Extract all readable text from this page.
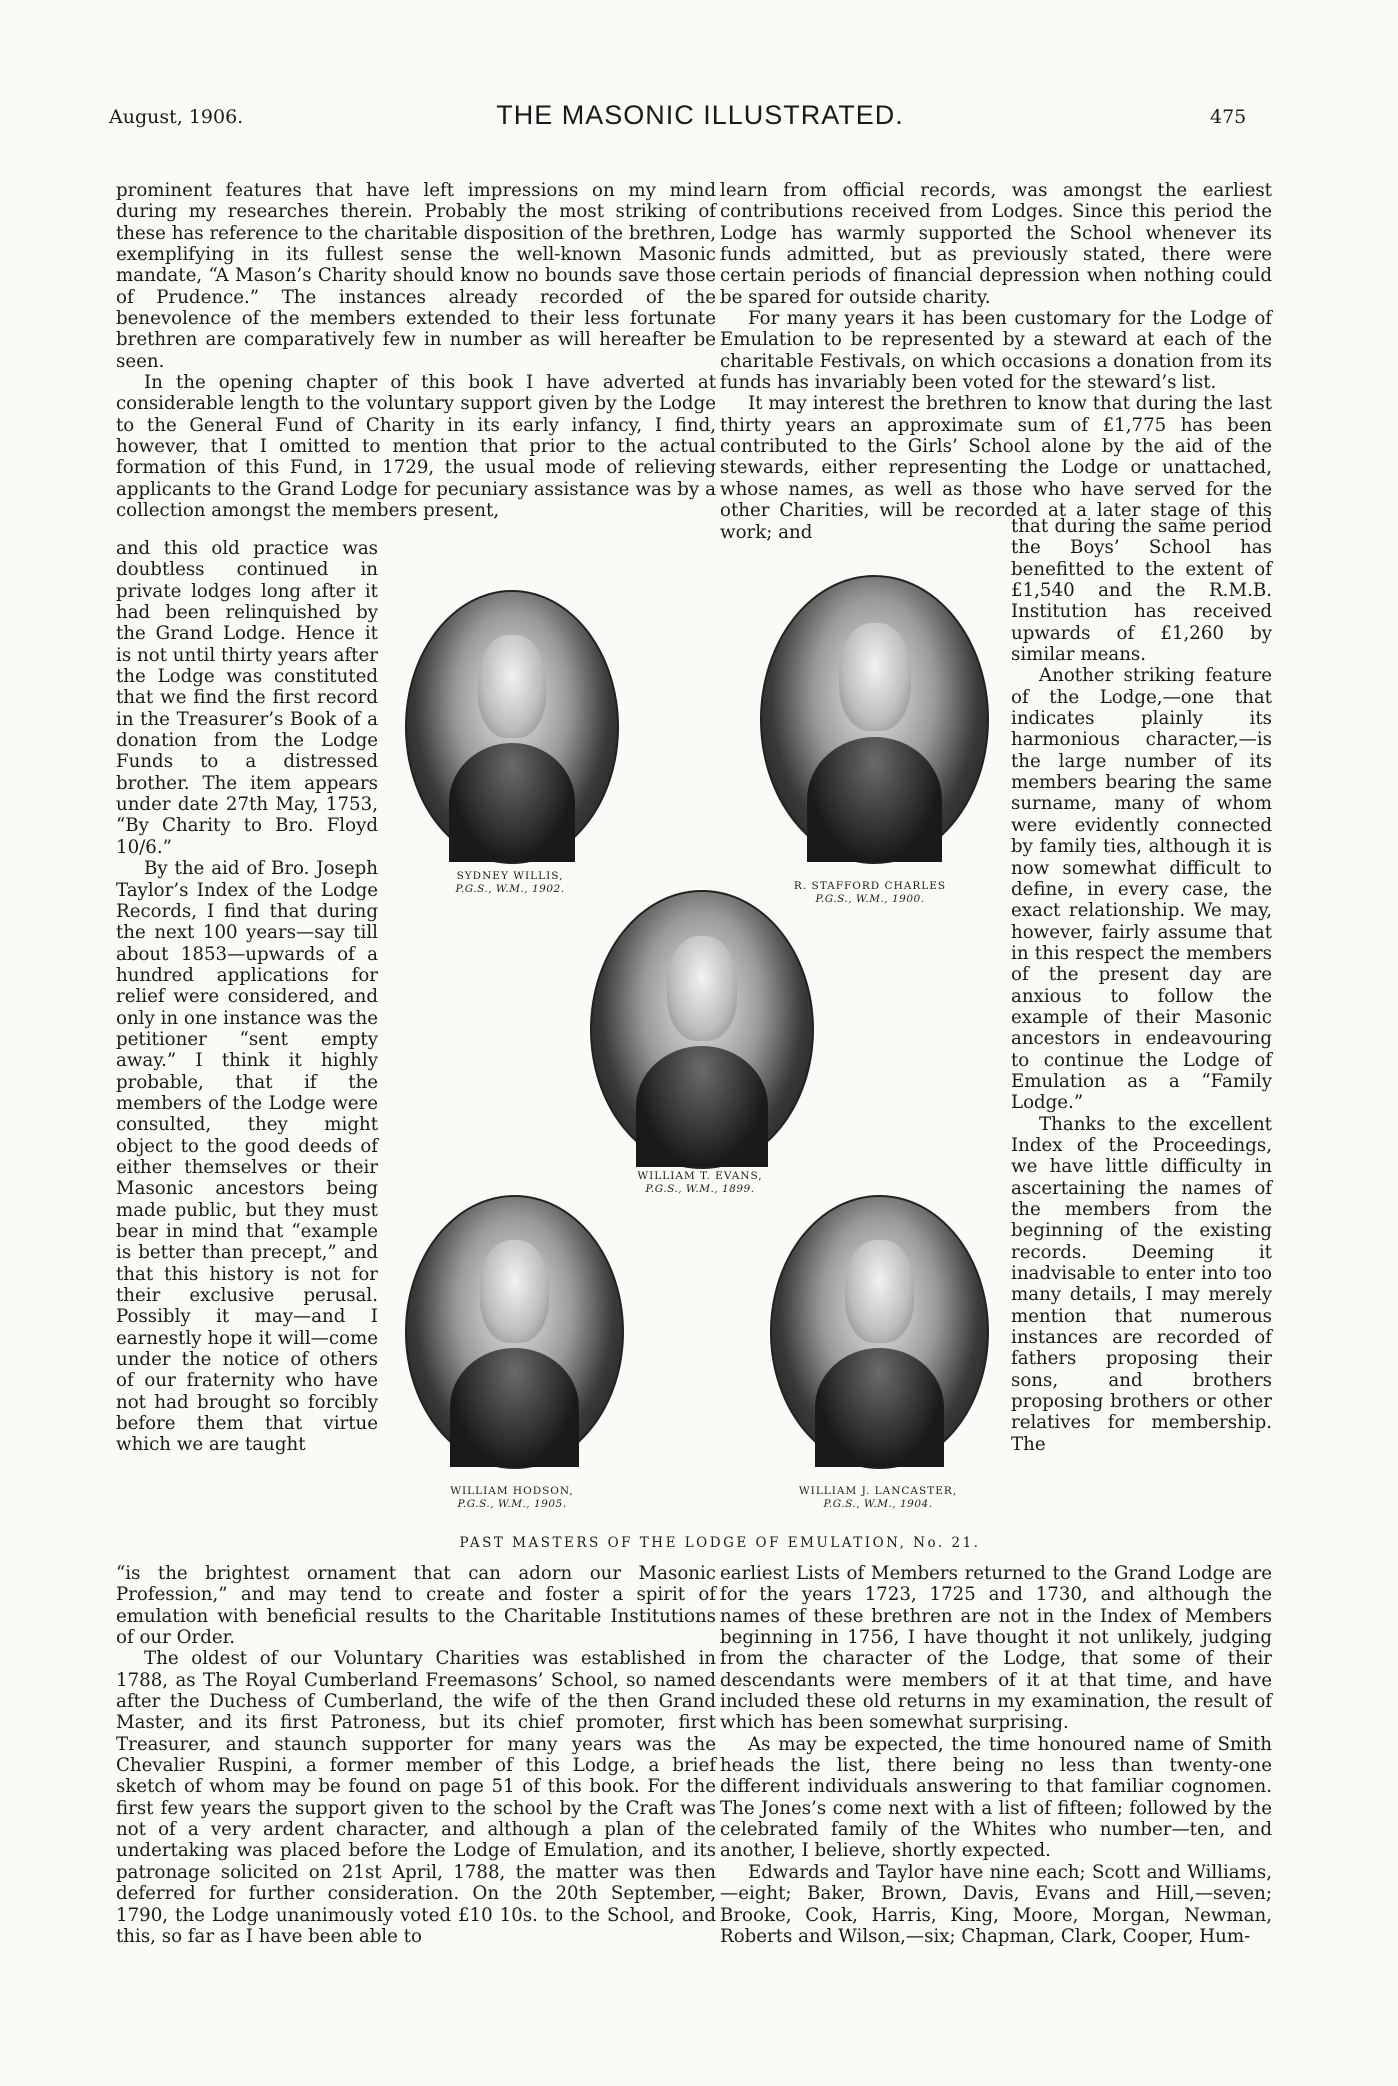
August, 1906.	THE MASONIC ILLUSTRATED.	475

prominent features that have left impressions on my mind during my researches therein. Probably the most striking of these has reference to the charitable disposition of the brethren, exemplifying in its fullest sense the well-known Masonic mandate, “A Mason’s Charity should know no bounds save those of Prudence.” The instances already recorded of the benevolence of the members extended to their less fortunate brethren are comparatively few in number as will hereafter be seen.

In the opening chapter of this book I have adverted at considerable length to the voluntary support given by the Lodge to the General Fund of Charity in its early infancy, I find, however, that I omitted to mention that prior to the actual formation of this Fund, in 1729, the usual mode of relieving applicants to the Grand Lodge for pecuniary assistance was by a collection amongst the members present,

and this old practice was doubtless continued in private lodges long after it had been relinquished by the Grand Lodge. Hence it is not until thirty years after the Lodge was constituted that we find the first record in the Treasurer’s Book of a donation from the Lodge Funds to a distressed brother. The item appears under date 27th May, 1753, “By Charity to Bro. Floyd 10/6.”

By the aid of Bro. Joseph Taylor’s Index of the Lodge Records, I find that during the next 100 years—say till about 1853—upwards of a hundred applications for relief were considered, and only in one instance was the petitioner “sent empty away.” I think it highly probable, that if the members of the Lodge were consulted, they might object to the good deeds of either themselves or their Masonic ancestors being made public, but they must bear in mind that “example is better than precept,” and that this history is not for their exclusive perusal. Possibly it may—and I earnestly hope it will—come under the notice of others of our fraternity who have not had brought so forcibly before them that virtue which we are taught

“is the brightest ornament that can adorn our Masonic Profession,” and may tend to create and foster a spirit of emulation with beneficial results to the Charitable Institutions of our Order.

The oldest of our Voluntary Charities was established in 1788, as The Royal Cumberland Freemasons’ School, so named after the Duchess of Cumberland, the wife of the then Grand Master, and its first Patroness, but its chief promoter, first Treasurer, and staunch supporter for many years was the Chevalier Ruspini, a former member of this Lodge, a brief sketch of whom may be found on page 51 of this book. For the first few years the support given to the school by the Craft was not of a very ardent character, and although a plan of the undertaking was placed before the Lodge of Emulation, and its patronage solicited on 21st April, 1788, the matter was then deferred for further consideration. On the 20th September, 1790, the Lodge unanimously voted £10 10s. to the School, and this, so far as I have been able to

learn from official records, was amongst the earliest contributions received from Lodges. Since this period the Lodge has warmly supported the School whenever its funds admitted, but as previously stated, there were certain periods of financial depression when nothing could be spared for outside charity.

For many years it has been customary for the Lodge of Emulation to be represented by a steward at each of the charitable Festivals, on which occasions a donation from its funds has invariably been voted for the steward’s list.

It may interest the brethren to know that during the last thirty years an approximate sum of £1,775 has been contributed to the Girls’ School alone by the aid of the stewards, either representing the Lodge or unattached, whose names, as well as those who have served for the other Charities, will be recorded at a later stage of this work; and	that during the same period the Boys’ School has benefitted to the extent of £1,540 and the R.M.B. Institution has received upwards of £1,260 by similar means.

Another striking feature of the Lodge,—one that indicates plainly its harmonious character,—is the large number of its members bearing the same surname, many of whom were evidently connected by family ties, although it is now somewhat difficult to define, in every case, the exact relationship. We may, however, fairly assume that in this respect the members of the present day are anxious to follow the example of their Masonic ancestors in endeavouring to continue the Lodge of Emulation as a “Family Lodge.”

Thanks to the excellent Index of the Proceedings, we have little difficulty in ascertaining the names of the members from the beginning of the existing records. Deeming it inadvisable to enter into too many details, I may merely mention that numerous instances are recorded of fathers proposing their sons, and brothers proposing brothers or other relatives for membership. The

earliest Lists of Members returned to the Grand Lodge are for the years 1723, 1725 and 1730, and although the names of these brethren are not in the Index of Members beginning in 1756, I have thought it not unlikely, judging from the character of the Lodge, that some of their descendants were members of it at that time, and have included these old returns in my examination, the result of which has been somewhat surprising.

As may be expected, the time honoured name of Smith heads the list, there being no less than twenty-one different individuals answering to that familiar cognomen. The Jones’s come next with a list of fifteen; followed by the celebrated family of the Whites who number—ten, and another, I believe, shortly expected.

Edwards and Taylor have nine each; Scott and Williams,—eight; Baker, Brown, Davis, Evans and Hill,—seven; Brooke, Cook, Harris, King, Moore, Morgan, Newman, Roberts and Wilson,—six; Chapman, Clark, Cooper, Hum-

SYDNEY WILLIS,
P.G.S., W.M., 1902.	R. STAFFORD CHARLES
P.G.S., W.M., 1900.
WILLIAM T. EVANS,
P.G.S., W.M., 1899.
WILLIAM HODSON,
P.G.S., W.M., 1905.
WILLIAM J. LANCASTER,
P.G.S., W.M., 1904.
PAST MASTERS OF THE LODGE OF EMULATION, No. 21.
